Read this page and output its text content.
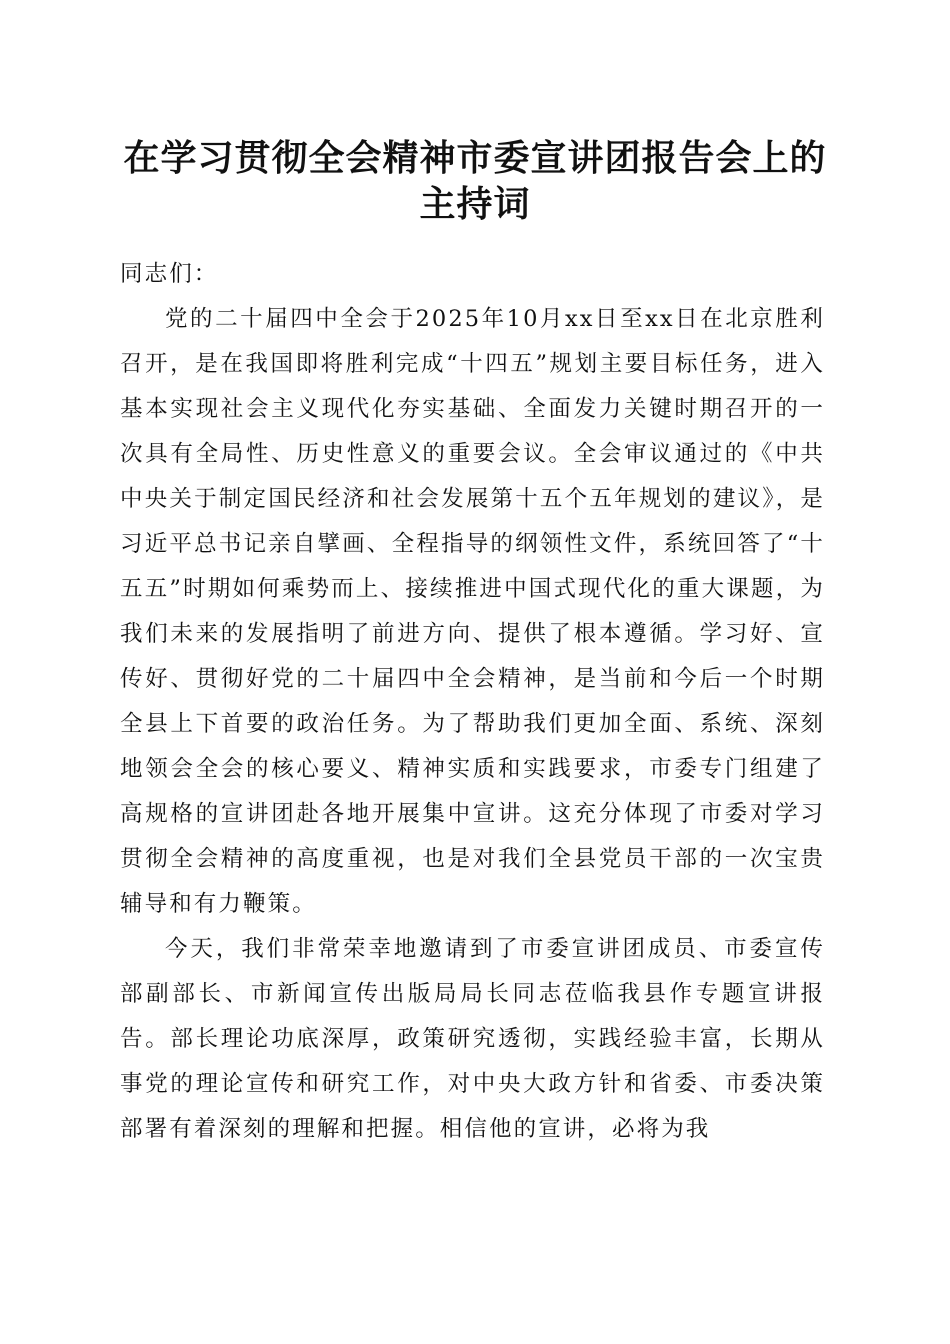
在学习贯彻全会精神市委宣讲团报告会上的主持词

同志们：

党的二十届四中全会于2025年10月xx日至xx日在北京胜利召开，是在我国即将胜利完成“十四五”规划主要目标任务，进入基本实现社会主义现代化夯实基础、全面发力关键时期召开的一次具有全局性、历史性意义的重要会议。全会审议通过的《中共中央关于制定国民经济和社会发展第十五个五年规划的建议》，是习近平总书记亲自擘画、全程指导的纲领性文件，系统回答了“十五五”时期如何乘势而上、接续推进中国式现代化的重大课题，为我们未来的发展指明了前进方向、提供了根本遵循。学习好、宣传好、贯彻好党的二十届四中全会精神，是当前和今后一个时期全县上下首要的政治任务。为了帮助我们更加全面、系统、深刻地领会全会的核心要义、精神实质和实践要求，市委专门组建了高规格的宣讲团赴各地开展集中宣讲。这充分体现了市委对学习贯彻全会精神的高度重视，也是对我们全县党员干部的一次宝贵辅导和有力鞭策。

今天，我们非常荣幸地邀请到了市委宣讲团成员、市委宣传部副部长、市新闻宣传出版局局长同志莅临我县作专题宣讲报告。部长理论功底深厚，政策研究透彻，实践经验丰富，长期从事党的理论宣传和研究工作，对中央大政方针和省委、市委决策部署有着深刻的理解和把握。相信他的宣讲，必将为我
